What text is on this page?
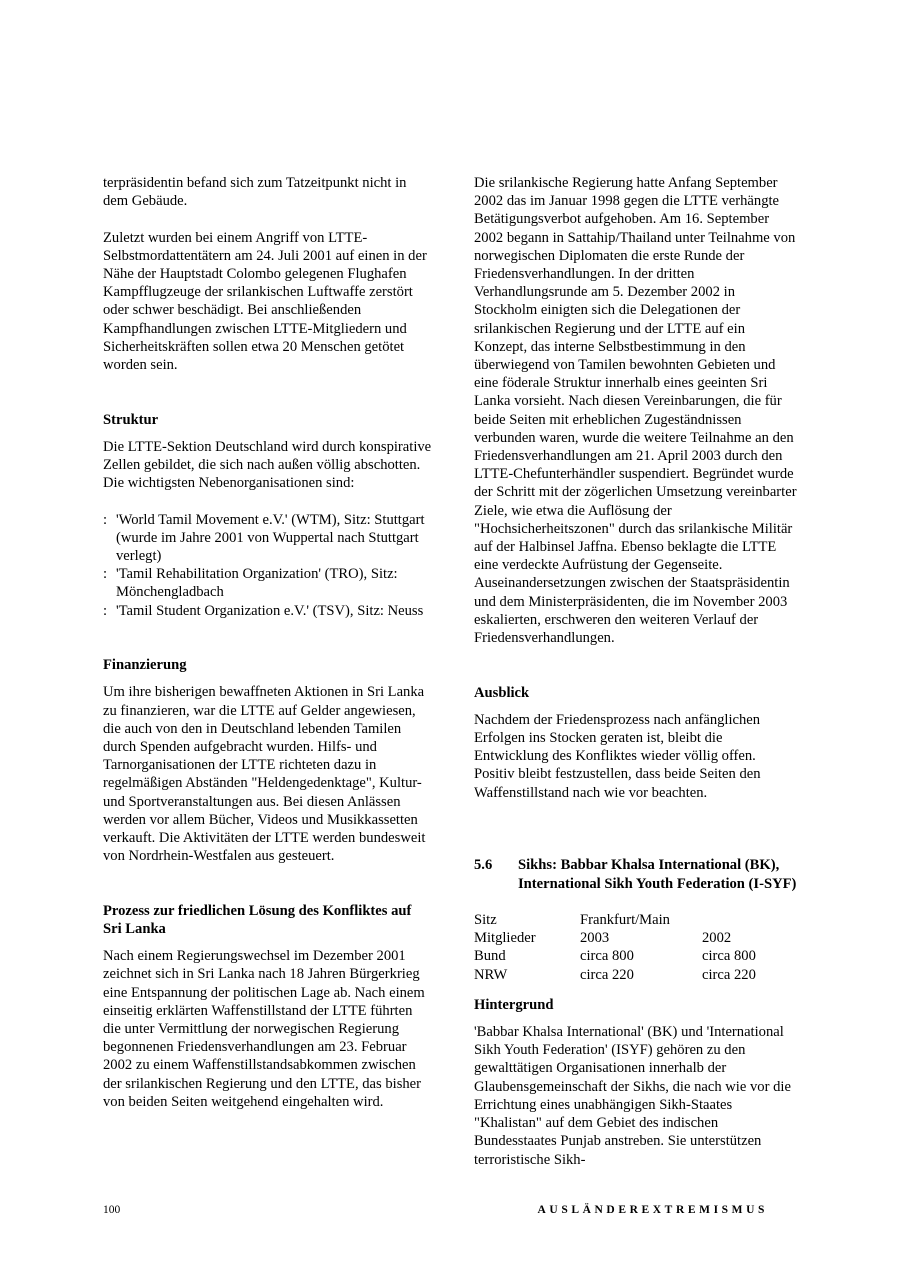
terpräsidentin befand sich zum Tatzeitpunkt nicht in dem Gebäude.

Zuletzt wurden bei einem Angriff von LTTE-Selbstmordattentätern am 24. Juli 2001 auf einen in der Nähe der Hauptstadt Colombo gelegenen Flughafen Kampfflugzeuge der srilankischen Luftwaffe zerstört oder schwer beschädigt. Bei anschließenden Kampfhandlungen zwischen LTTE-Mitgliedern und Sicherheitskräften sollen etwa 20 Menschen getötet worden sein.

Struktur

Die LTTE-Sektion Deutschland wird durch konspirative Zellen gebildet, die sich nach außen völlig abschotten. Die wichtigsten Nebenorganisationen sind:

: 'World Tamil Movement e.V.' (WTM), Sitz: Stuttgart (wurde im Jahre 2001 von Wuppertal nach Stuttgart verlegt)
: 'Tamil Rehabilitation Organization' (TRO), Sitz: Mönchengladbach
: 'Tamil Student Organization e.V.' (TSV), Sitz: Neuss
Finanzierung

Um ihre bisherigen bewaffneten Aktionen in Sri Lanka zu finanzieren, war die LTTE auf Gelder angewiesen, die auch von den in Deutschland lebenden Tamilen durch Spenden aufgebracht wurden. Hilfs- und Tarnorganisationen der LTTE richteten dazu in regelmäßigen Abständen "Heldengedenktage", Kultur- und Sportveranstaltungen aus. Bei diesen Anlässen werden vor allem Bücher, Videos und Musikkassetten verkauft. Die Aktivitäten der LTTE werden bundesweit von Nordrhein-Westfalen aus gesteuert.

Prozess zur friedlichen Lösung des Konfliktes auf Sri Lanka

Nach einem Regierungswechsel im Dezember 2001 zeichnet sich in Sri Lanka nach 18 Jahren Bürgerkrieg eine Entspannung der politischen Lage ab. Nach einem einseitig erklärten Waffenstillstand der LTTE führten die unter Vermittlung der norwegischen Regierung begonnenen Friedensverhandlungen am 23. Februar 2002 zu einem Waffenstillstandsabkommen zwischen der srilankischen Regierung und den LTTE, das bisher von beiden Seiten weitgehend eingehalten wird.

Die srilankische Regierung hatte Anfang September 2002 das im Januar 1998 gegen die LTTE verhängte Betätigungsverbot aufgehoben. Am 16. September 2002 begann in Sattahip/Thailand unter Teilnahme von norwegischen Diplomaten die erste Runde der Friedensverhandlungen. In der dritten Verhandlungsrunde am 5. Dezember 2002 in Stockholm einigten sich die Delegationen der srilankischen Regierung und der LTTE auf ein Konzept, das interne Selbstbestimmung in den überwiegend von Tamilen bewohnten Gebieten und eine föderale Struktur innerhalb eines geeinten Sri Lanka vorsieht. Nach diesen Vereinbarungen, die für beide Seiten mit erheblichen Zugeständnissen verbunden waren, wurde die weitere Teilnahme an den Friedensverhandlungen am 21. April 2003 durch den LTTE-Chefunterhändler suspendiert. Begründet wurde der Schritt mit der zögerlichen Umsetzung vereinbarter Ziele, wie etwa die Auflösung der "Hochsicherheitszonen" durch das srilankische Militär auf der Halbinsel Jaffna. Ebenso beklagte die LTTE eine verdeckte Aufrüstung der Gegenseite. Auseinandersetzungen zwischen der Staatspräsidentin und dem Ministerpräsidenten, die im November 2003 eskalierten, erschweren den weiteren Verlauf der Friedensverhandlungen.

Ausblick

Nachdem der Friedensprozess nach anfänglichen Erfolgen ins Stocken geraten ist, bleibt die Entwicklung des Konfliktes wieder völlig offen. Positiv bleibt festzustellen, dass beide Seiten den Waffenstillstand nach wie vor beachten.

5.6	Sikhs: Babbar Khalsa International (BK), International Sikh Youth Federation (I-SYF)
Sitz	Frankfurt/Main	
Mitglieder	2003	2002
Bund	circa 800	circa 800
NRW	circa 220	circa 220
Hintergrund

'Babbar Khalsa International' (BK) und 'International Sikh Youth Federation' (ISYF) gehören zu den gewalttätigen Organisationen innerhalb der Glaubensgemeinschaft der Sikhs, die nach wie vor die Errichtung eines unabhängigen Sikh-Staates "Khalistan" auf dem Gebiet des indischen Bundesstaates Punjab anstreben. Sie unterstützen terroristische Sikh-

100	AUSLÄNDEREXTREMISMUS
